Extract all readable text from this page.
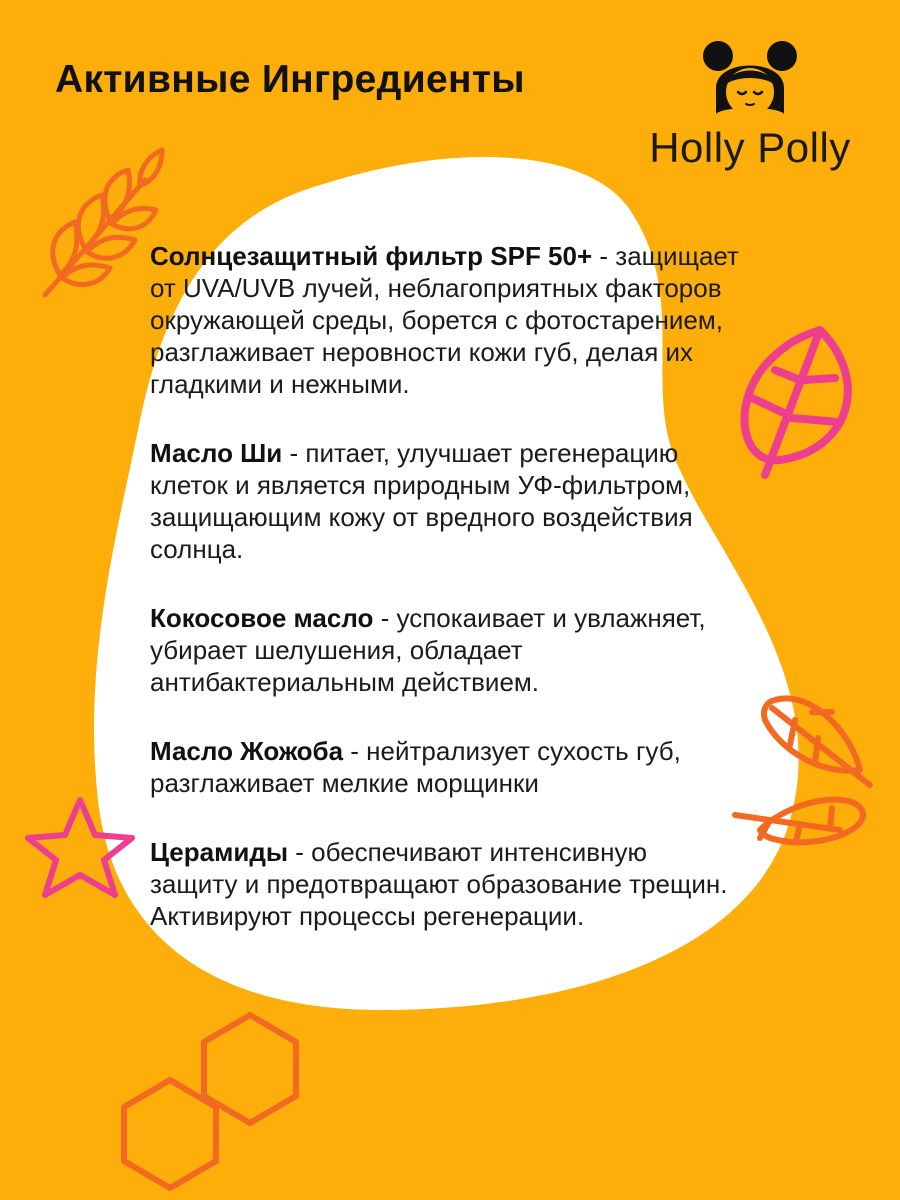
Активные Ингредиенты
Holly Polly

Солнцезащитный фильтр SPF 50+ - защищает от UVA/UVB лучей, неблагоприятных факторов окружающей среды, борется с фотостарением, разглаживает неровности кожи губ, делая их гладкими и нежными.

Масло Ши - питает, улучшает регенерацию клеток и является природным УФ-фильтром, защищающим кожу от вредного воздействия солнца.

Кокосовое масло - успокаивает и увлажняет, убирает шелушения, обладает антибактериальным действием.

Масло Жожоба - нейтрализует сухость губ, разглаживает мелкие морщинки

Церамиды - обеспечивают интенсивную защиту и предотвращают образование трещин. Активируют процессы регенерации.
